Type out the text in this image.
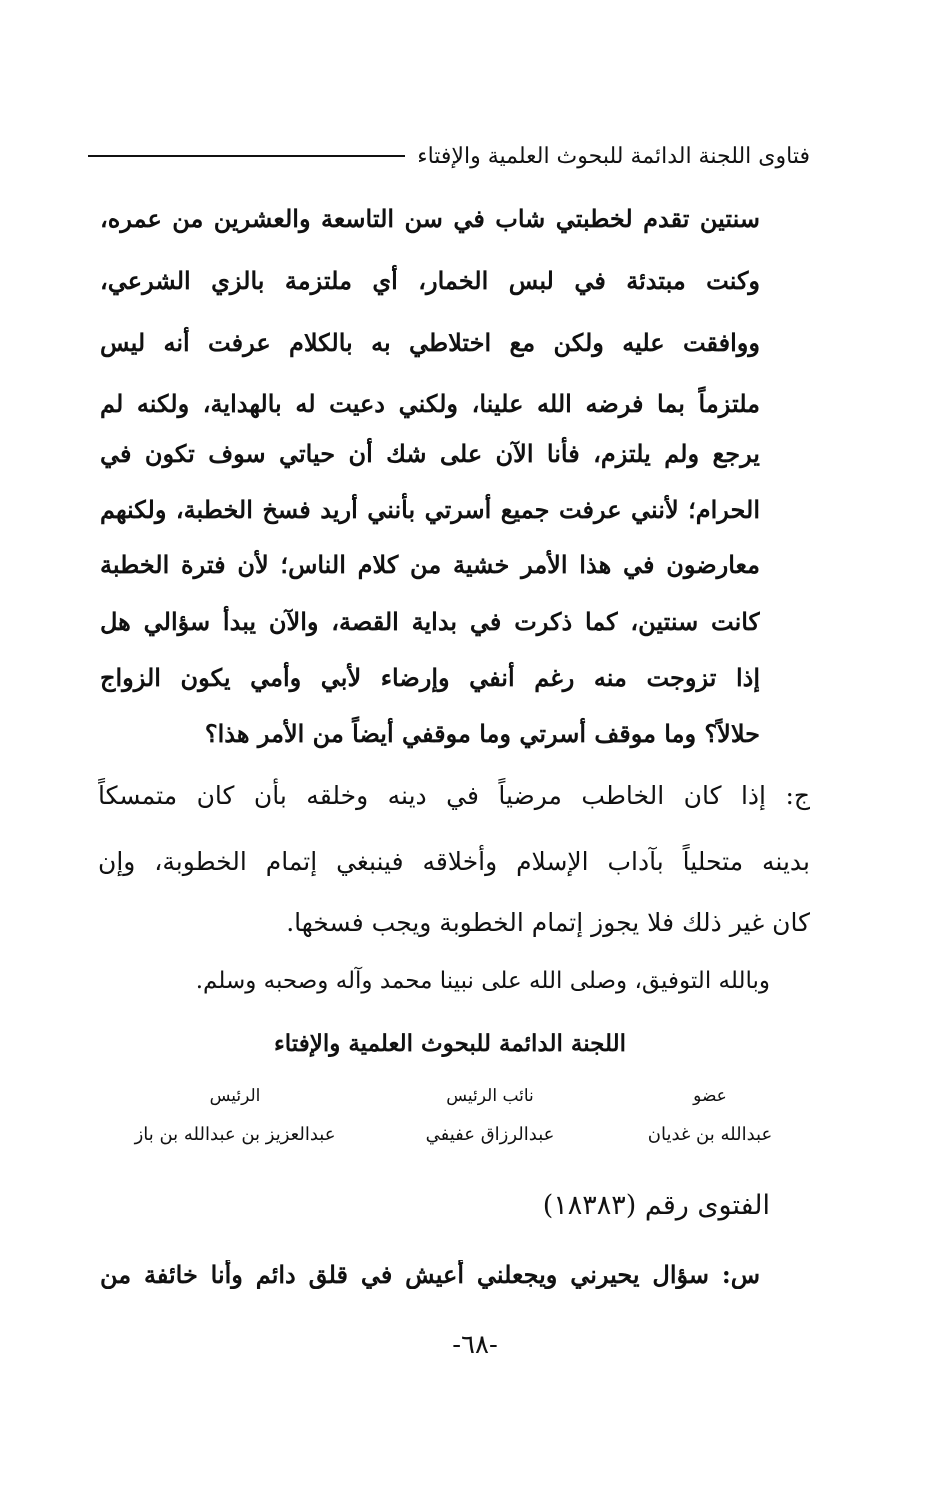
فتاوى اللجنة الدائمة للبحوث العلمية والإفتاء
سنتين تقدم لخطبتي شاب في سن التاسعة والعشرين من عمره،
وكنت مبتدئة في لبس الخمار، أي ملتزمة بالزي الشرعي،
ووافقت عليه ولكن مع اختلاطي به بالكلام عرفت أنه ليس
ملتزماً بما فرضه الله علينا، ولكني دعيت له بالهداية، ولكنه لم
يرجع ولم يلتزم، فأنا الآن على شك أن حياتي سوف تكون في
الحرام؛ لأنني عرفت جميع أسرتي بأنني أريد فسخ الخطبة، ولكنهم
معارضون في هذا الأمر خشية من كلام الناس؛ لأن فترة الخطبة
كانت سنتين، كما ذكرت في بداية القصة، والآن يبدأ سؤالي هل
إذا تزوجت منه رغم أنفي وإرضاء لأبي وأمي يكون الزواج
حلالاً؟ وما موقف أسرتي وما موقفي أيضاً من الأمر هذا؟
ج: إذا كان الخاطب مرضياً في دينه وخلقه بأن كان متمسكاً
بدينه متحلياً بآداب الإسلام وأخلاقه فينبغي إتمام الخطوبة، وإن
كان غير ذلك فلا يجوز إتمام الخطوبة ويجب فسخها.
وبالله التوفيق، وصلى الله على نبينا محمد وآله وصحبه وسلم.
اللجنة الدائمة للبحوث العلمية والإفتاء
عضو
نائب الرئيس
الرئيس
عبدالله بن غديان
عبدالرزاق عفيفي
عبدالعزيز بن عبدالله بن باز
الفتوى رقم (١٨٣٨٣)
س: سؤال يحيرني ويجعلني أعيش في قلق دائم وأنا خائفة من
-٦٨-
